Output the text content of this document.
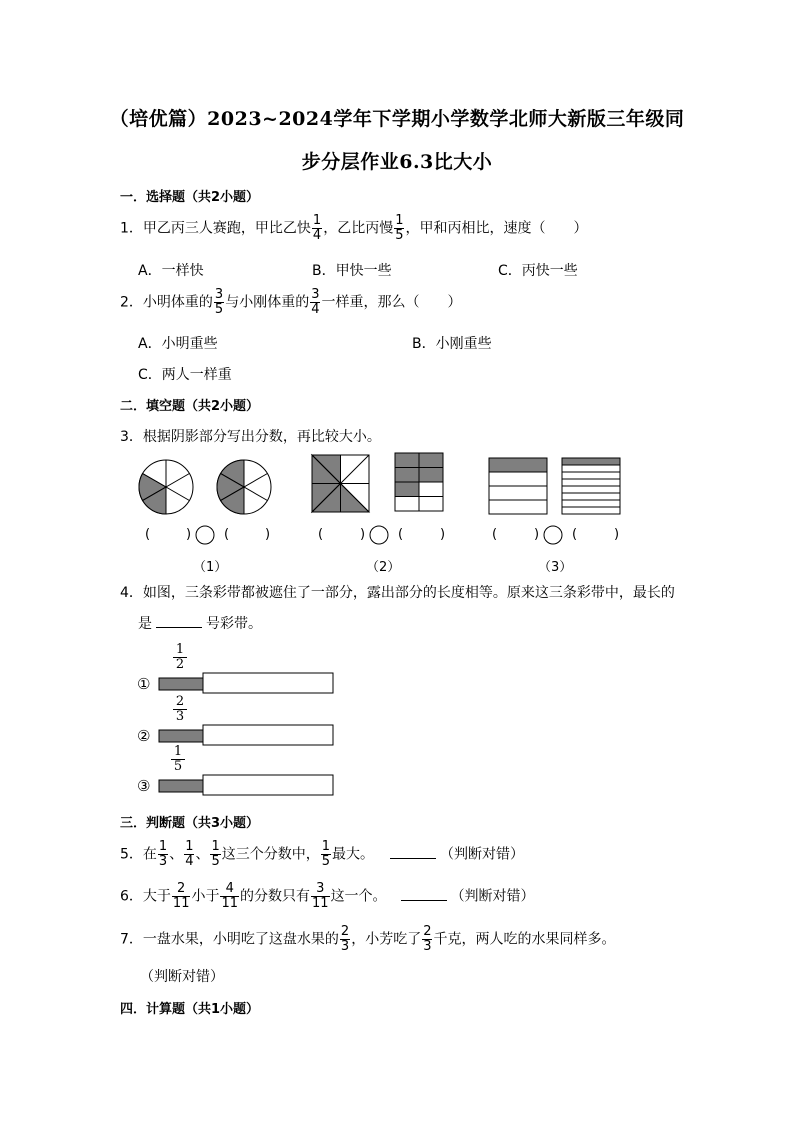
（培优篇）2023~2024学年下学期小学数学北师大新版三年级同
步分层作业6.3比大小
一．选择题（共2小题）
1．甲乙丙三人赛跑，甲比乙快 $\frac{1}{4}$ ，乙比丙慢 $\frac{1}{5}$ ，甲和丙相比，速度（　　）
A．一样快	B．甲快一些	C．丙快一些
2．小明体重的 $\frac{3}{5}$ 与小刚体重的 $\frac{3}{4}$ 一样重，那么（　　）
A．小明重些	B．小刚重些
C．两人一样重
二．填空题（共2小题）
3．根据阴影部分写出分数，再比较大小。
(	)	(	)	(	)	(	)	(	)	(	)
（1）	（2）	（3）
4．如图，三条彩带都被遮住了一部分，露出部分的长度相等。原来这三条彩带中，最长的
是	号彩带。
1
2
①
2
3
②
1
5
③
三．判断题（共3小题）
5．在 $\frac{1}{3}$ 、 $\frac{1}{4}$ 、 $\frac{1}{5}$ 这三个分数中， $\frac{1}{5}$ 最大。	（判断对错）
6．大于 $\frac{2}{11}$ 小于 $\frac{4}{11}$ 的分数只有 $\frac{3}{11}$ 这一个。	（判断对错）
7．一盘水果，小明吃了这盘水果的 $\frac{2}{3}$ ，小芳吃了 $\frac{2}{3}$ 千克，两人吃的水果同样多。
（判断对错）
四．计算题（共1小题）
